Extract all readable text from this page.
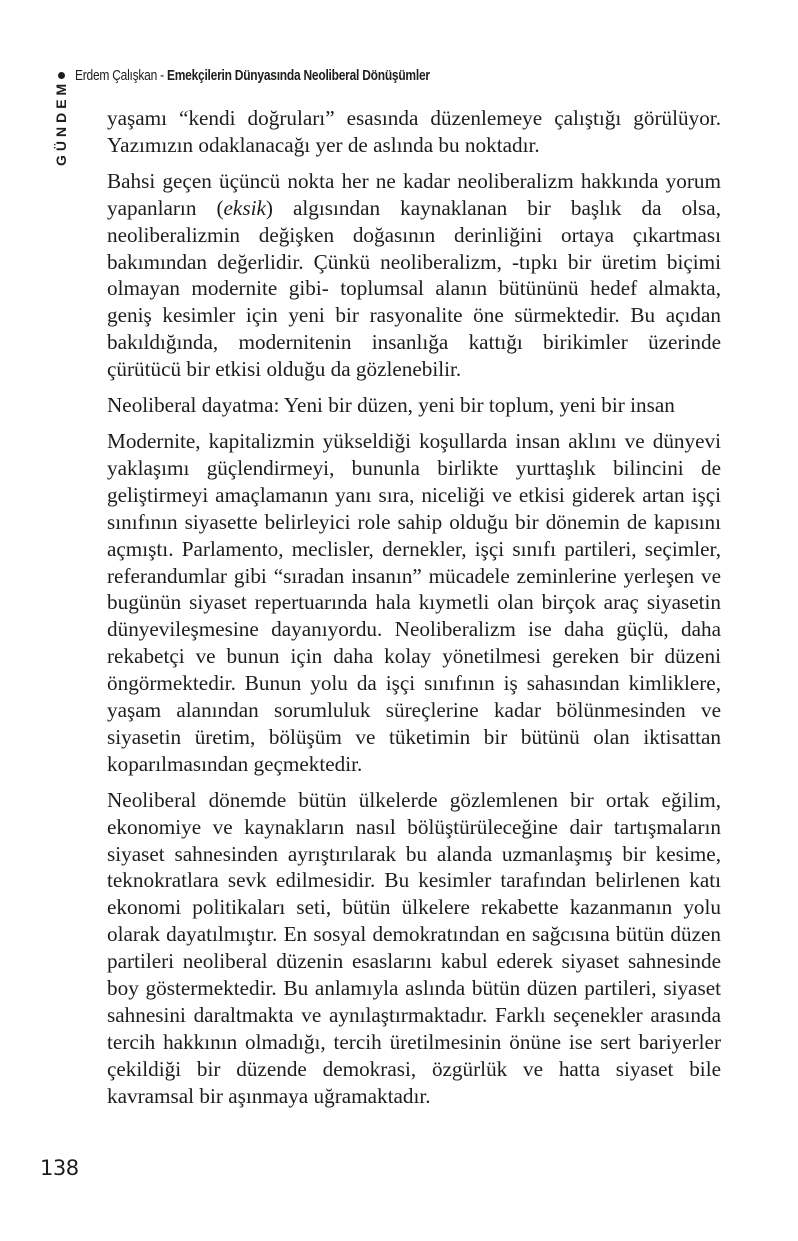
Erdem Çalışkan - Emekçilerin Dünyasında Neoliberal Dönüşümler
GÜNDEM yaşamı “kendi doğruları” esasında düzenlemeye çalıştığı görülüyor. Yazımızın odaklanacağı yer de aslında bu noktadır.

Bahsi geçen üçüncü nokta her ne kadar neoliberalizm hakkında yorum yapanların (eksik) algısından kaynaklanan bir başlık da olsa, neoliberalizmin değişken doğasının derinliğini ortaya çıkartması bakımından değerlidir. Çünkü neoliberalizm, -tıpkı bir üretim biçimi olmayan modernite gibi- toplumsal alanın bütününü hedef almakta, geniş kesimler için yeni bir rasyonalite öne sürmektedir. Bu açıdan bakıldığında, modernitenin insanlığa kattığı birikimler üzerinde çürütücü bir etkisi olduğu da gözlenebilir.

Neoliberal dayatma: Yeni bir düzen, yeni bir toplum, yeni bir insan

Modernite, kapitalizmin yükseldiği koşullarda insan aklını ve dünyevi yaklaşımı güçlendirmeyi, bununla birlikte yurttaşlık bilincini de geliştirmeyi amaçlamanın yanı sıra, niceliği ve etkisi giderek artan işçi sınıfının siyasette belirleyici role sahip olduğu bir dönemin de kapısını açmıştı. Parlamento, meclisler, dernekler, işçi sınıfı partileri, seçimler, referandumlar gibi “sıradan insanın” mücadele zeminlerine yerleşen ve bugünün siyaset repertuarında hala kıymetli olan birçok araç siyasetin dünyevileşmesine dayanıyordu. Neoliberalizm ise daha güçlü, daha rekabetçi ve bunun için daha kolay yönetilmesi gereken bir düzeni öngörmektedir. Bunun yolu da işçi sınıfının iş sahasından kimliklere, yaşam alanından sorumluluk süreçlerine kadar bölünmesinden ve siyasetin üretim, bölüşüm ve tüketimin bir bütünü olan iktisattan koparılmasından geçmektedir.

Neoliberal dönemde bütün ülkelerde gözlemlenen bir ortak eğilim, ekonomiye ve kaynakların nasıl bölüştürüleceğine dair tartışmaların siyaset sahnesinden ayrıştırılarak bu alanda uzmanlaşmış bir kesime, teknokratlara sevk edilmesidir. Bu kesimler tarafından belirlenen katı ekonomi politikaları seti, bütün ülkelere rekabette kazanmanın yolu olarak dayatılmıştır. En sosyal demokratından en sağcısına bütün düzen partileri neoliberal düzenin esaslarını kabul ederek siyaset sahnesinde boy göstermektedir. Bu anlamıyla aslında bütün düzen partileri, siyaset sahnesini daraltmakta ve aynılaştırmaktadır. Farklı seçenekler arasında tercih hakkının olmadığı, tercih üretilmesinin önüne ise sert bariyerler çekildiği bir düzende demokrasi, özgürlük ve hatta siyaset bile kavramsal bir aşınmaya uğramaktadır.

138
